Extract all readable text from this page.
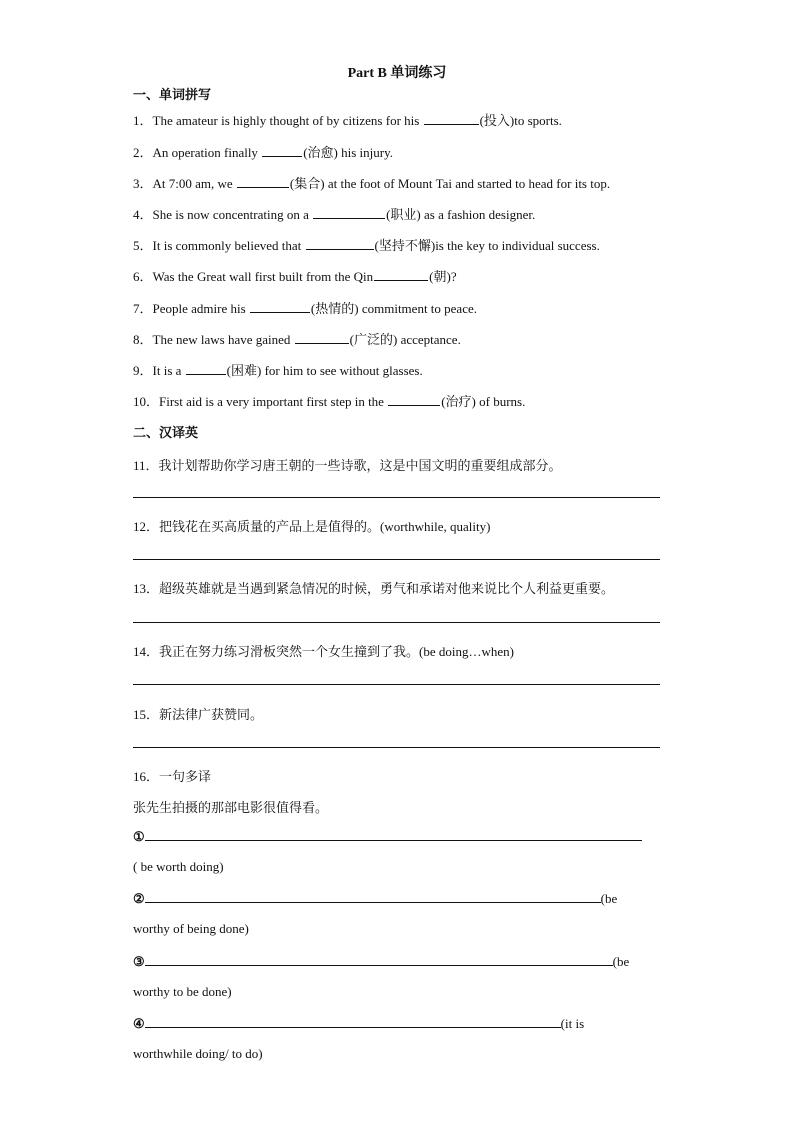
Part B 单词练习
一、单词拼写
1．The amateur is highly thought of by citizens for his	(投入)to sports.
2．An operation finally	(治愈) his injury.
3．At 7:00 am, we	(集合) at the foot of Mount Tai and started to head for its top.
4．She is now concentrating on a	(职业) as a fashion designer.
5．It is commonly believed that	(坚持不懈)is the key to individual success.
6．Was the Great wall first built from the Qin	(朝)?
7．People admire his	(热情的) commitment to peace.
8．The new laws have gained	(广泛的) acceptance.
9．It is a	(困难) for him to see without glasses.
10．First aid is a very important first step in the	(治疗) of burns.
二、汉译英
11．我计划帮助你学习唐王朝的一些诗歌，这是中国文明的重要组成部分。
12．把钱花在买高质量的产品上是值得的。(worthwhile, quality)
13．超级英雄就是当遇到紧急情况的时候，勇气和承诺对他来说比个人利益更重要。
14．我正在努力练习滑板突然一个女生撞到了我。(be doing…when)
15．新法律广获赞同。
16．一句多译
张先生拍摄的那部电影很值得看。
①
( be worth doing)
②	(be
worthy of being done)
③	(be
worthy to be done)
④	(it is
worthwhile doing/ to do)
